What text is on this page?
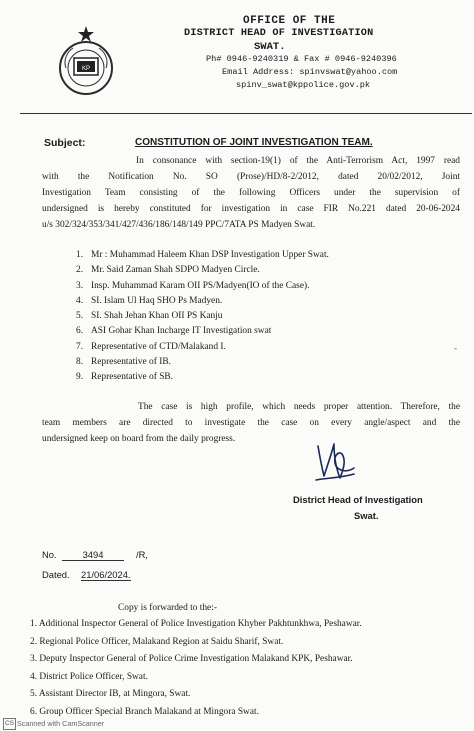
KP
OFFICE OF THE
DISTRICT HEAD OF INVESTIGATION
SWAT.
Ph# 0946-9240319 & Fax # 0946-9240396
Email Address: spinvswat@yahoo.com
spinv_swat@kppolice.gov.pk
Subject:	CONSTITUTION OF JOINT INVESTIGATION TEAM.
In consonance with section-19(1) of the Anti-Terrorism Act, 1997 read
with the Notification No. SO (Prose)/HD/8-2/2012, dated 20/02/2012, Joint
Investigation Team consisting of the following Officers under the supervision of
undersigned is hereby constituted for investigation in case FIR No.221 dated 20-06-2024
u/s 302/324/353/341/427/436/186/148/149 PPC/7ATA PS Madyen Swat.
1. Mr : Muhammad Haleem Khan DSP Investigation Upper Swat.
2. Mr. Said Zaman Shah SDPO Madyen Circle.
3. Insp. Muhammad Karam OII PS/Madyen(IO of the Case).
4. SI. Islam Ul Haq SHO Ps Madyen.
5. SI. Shah Jehan Khan OII PS Kanju
6. ASI Gohar Khan Incharge IT Investigation swat
7. Representative of CTD/Malakand I.
8. Representative of IB.
9. Representative of SB.
-
The case is high profile, which needs proper attention. Therefore, the
team members are directed to investigate the case on every angle/aspect and the
undersigned keep on board from the daily progress.
District Head of Investigation
Swat.
No.	3494	/R,
Dated. 21/06/2024.
Copy is forwarded to the:-
1. Additional Inspector General of Police Investigation Khyber Pakhtunkhwa, Peshawar.
2. Regional Police Officer, Malakand Region at Saidu Sharif, Swat.
3. Deputy Inspector General of Police Crime Investigation Malakand KPK, Peshawar.
4. District Police Officer, Swat.
5. Assistant Director IB, at Mingora, Swat.
6. Group Officer Special Branch Malakand at Mingora Swat.
CS Scanned with CamScanner
